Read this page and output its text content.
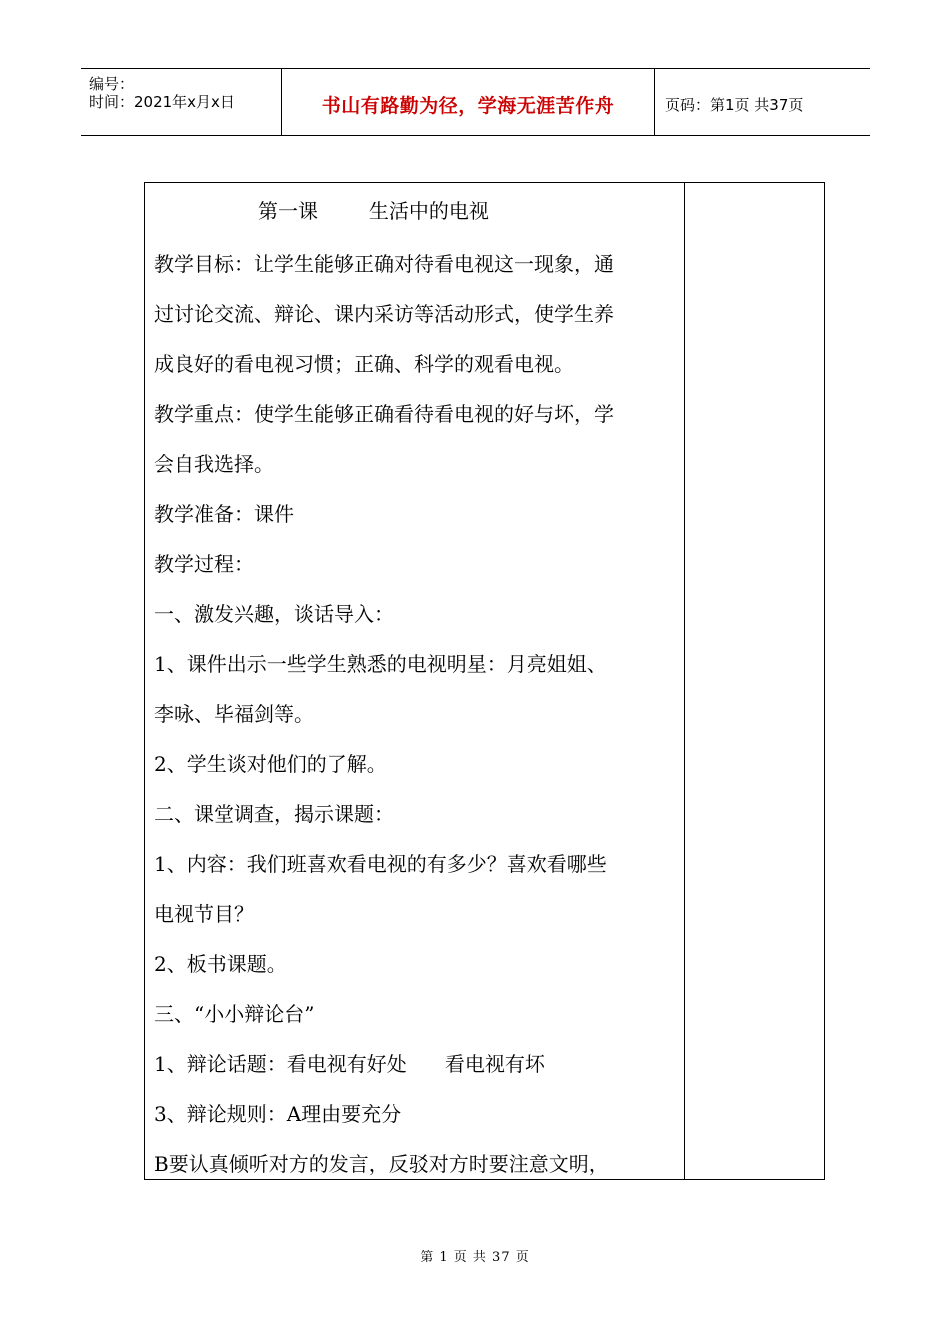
编号：
时间：2021年x月x日	书山有路勤为径，学海无涯苦作舟	页码：第1页 共37页
第一课        生活中的电视
教学目标：让学生能够正确对待看电视这一现象，通
过讨论交流、辩论、课内采访等活动形式，使学生养
成良好的看电视习惯；正确、科学的观看电视。
教学重点：使学生能够正确看待看电视的好与坏，学
会自我选择。
教学准备：课件
教学过程：
一、激发兴趣，谈话导入：
1、课件出示一些学生熟悉的电视明星：月亮姐姐、
李咏、毕福剑等。
2、学生谈对他们的了解。
二、课堂调查，揭示课题：
1、内容：我们班喜欢看电视的有多少？喜欢看哪些
电视节目？
2、板书课题。
三、“小小辩论台”
1、辩论话题：看电视有好处      看电视有坏
3、辩论规则：A理由要充分
B要认真倾听对方的发言，反驳对方时要注意文明，
第 1 页 共 37 页
